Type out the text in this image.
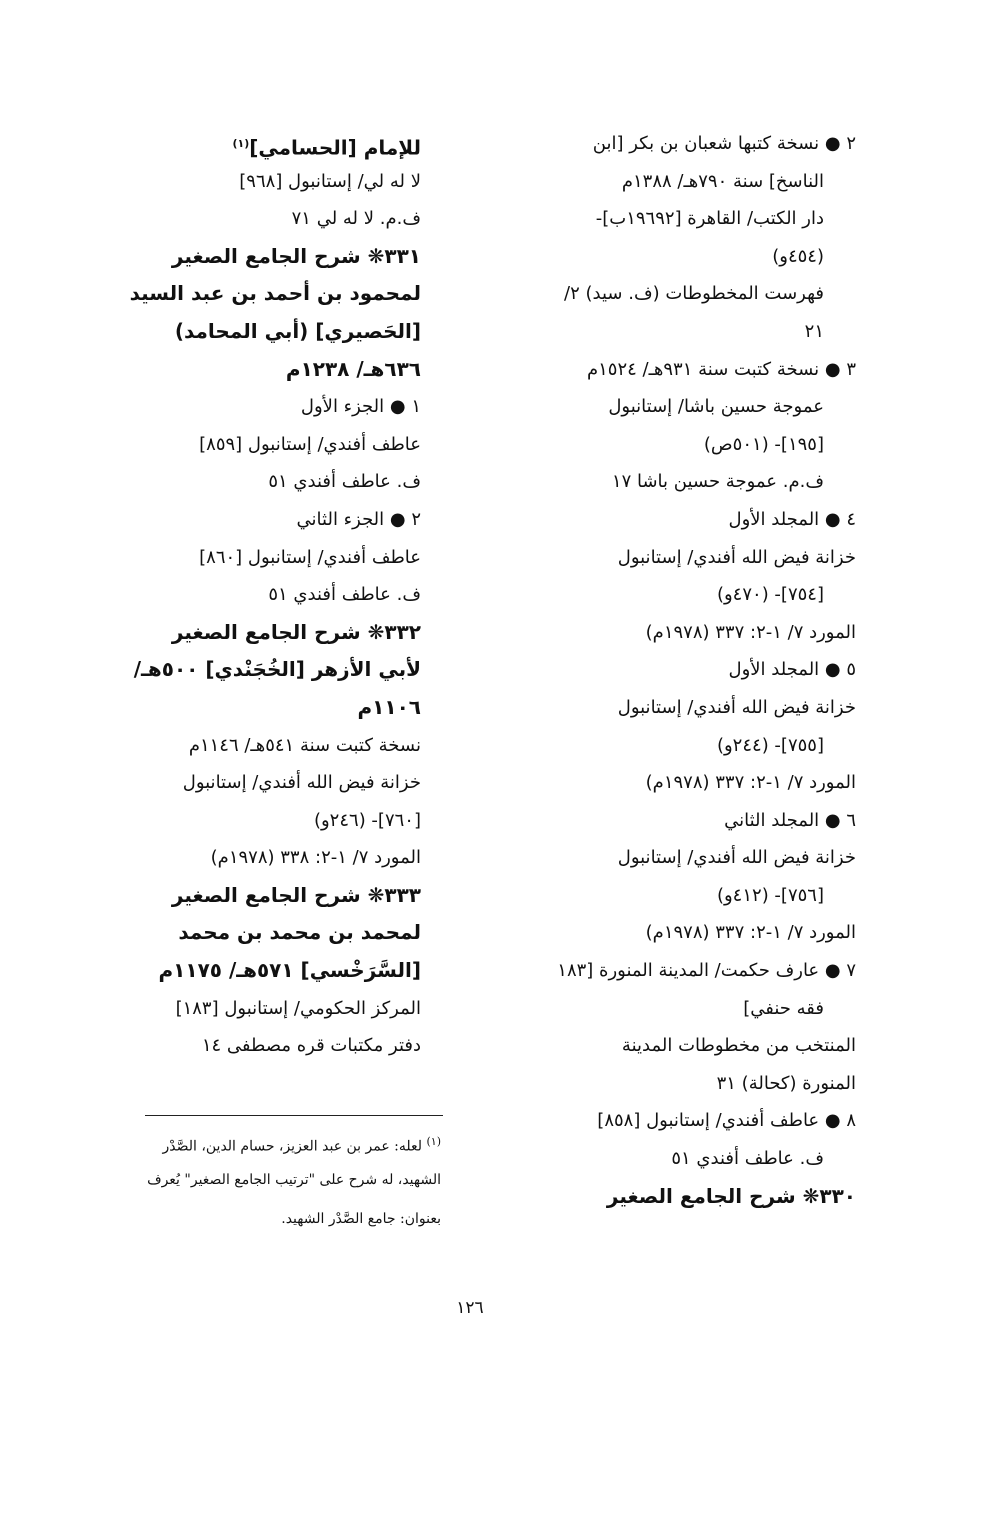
٢ ● نسخة كتبها شعبان بن بكر [ابن
الناسخ] سنة ٧٩٠هـ/ ١٣٨٨م
دار الكتب/ القاهرة [١٩٦٩٢ب]-
(٤٥٤و)
فهرست المخطوطات (ف. سيد) ٢/
٢١
٣ ● نسخة كتبت سنة ٩٣١هـ/ ١٥٢٤م
عموجة حسين باشا/ إستانبول
[١٩٥]- (٥٠١ص)
ف.م. عموجة حسين باشا ١٧
٤ ● المجلد الأول
خزانة فيض الله أفندي/ إستانبول
[٧٥٤]- (٤٧٠و)
المورد ٧/ ١-٢: ٣٣٧ (١٩٧٨م)
٥ ● المجلد الأول
خزانة فيض الله أفندي/ إستانبول
[٧٥٥]- (٢٤٤و)
المورد ٧/ ١-٢: ٣٣٧ (١٩٧٨م)
٦ ● المجلد الثاني
خزانة فيض الله أفندي/ إستانبول
[٧٥٦]- (٤١٢و)
المورد ٧/ ١-٢: ٣٣٧ (١٩٧٨م)
٧ ● عارف حكمت/ المدينة المنورة [١٨٣
فقه حنفي]
المنتخب من مخطوطات المدينة
المنورة (كحالة) ٣١
٨ ● عاطف أفندي/ إستانبول [٨٥٨]
ف. عاطف أفندي ٥١
٣٣٠❋ شرح الجامع الصغير
للإمام [الحسامي]$^{(١)}$
لا له لي/ إستانبول [٩٦٨]
ف.م. لا له لي ٧١
٣٣١❋ شرح الجامع الصغير
لمحمود بن أحمد بن عبد السيد
[الحَصيري] (أبي المحامد)
٦٣٦هـ/ ١٢٣٨م
١ ● الجزء الأول
عاطف أفندي/ إستانبول [٨٥٩]
ف. عاطف أفندي ٥١
٢ ● الجزء الثاني
عاطف أفندي/ إستانبول [٨٦٠]
ف. عاطف أفندي ٥١
٣٣٢❋ شرح الجامع الصغير
لأبي الأزهر [الخُجَنْدي] ٥٠٠هـ/
١١٠٦م
نسخة كتبت سنة ٥٤١هـ/ ١١٤٦م
خزانة فيض الله أفندي/ إستانبول
[٧٦٠]- (٢٤٦و)
المورد ٧/ ١-٢: ٣٣٨ (١٩٧٨م)
٣٣٣❋ شرح الجامع الصغير
لمحمد بن محمد بن محمد
[السَّرَخْسي] ٥٧١هـ/ ١١٧٥م
المركز الحكومي/ إستانبول [١٨٣]
دفتر مكتبات قره مصطفى ١٤
$^{(١)}$ لعله: عمر بن عبد العزيز، حسام الدين، الصَّدْر
الشهيد، له شرح على "ترتيب الجامع الصغير" يُعرف
بعنوان: جامع الصَّدْر الشهيد.
١٢٦
